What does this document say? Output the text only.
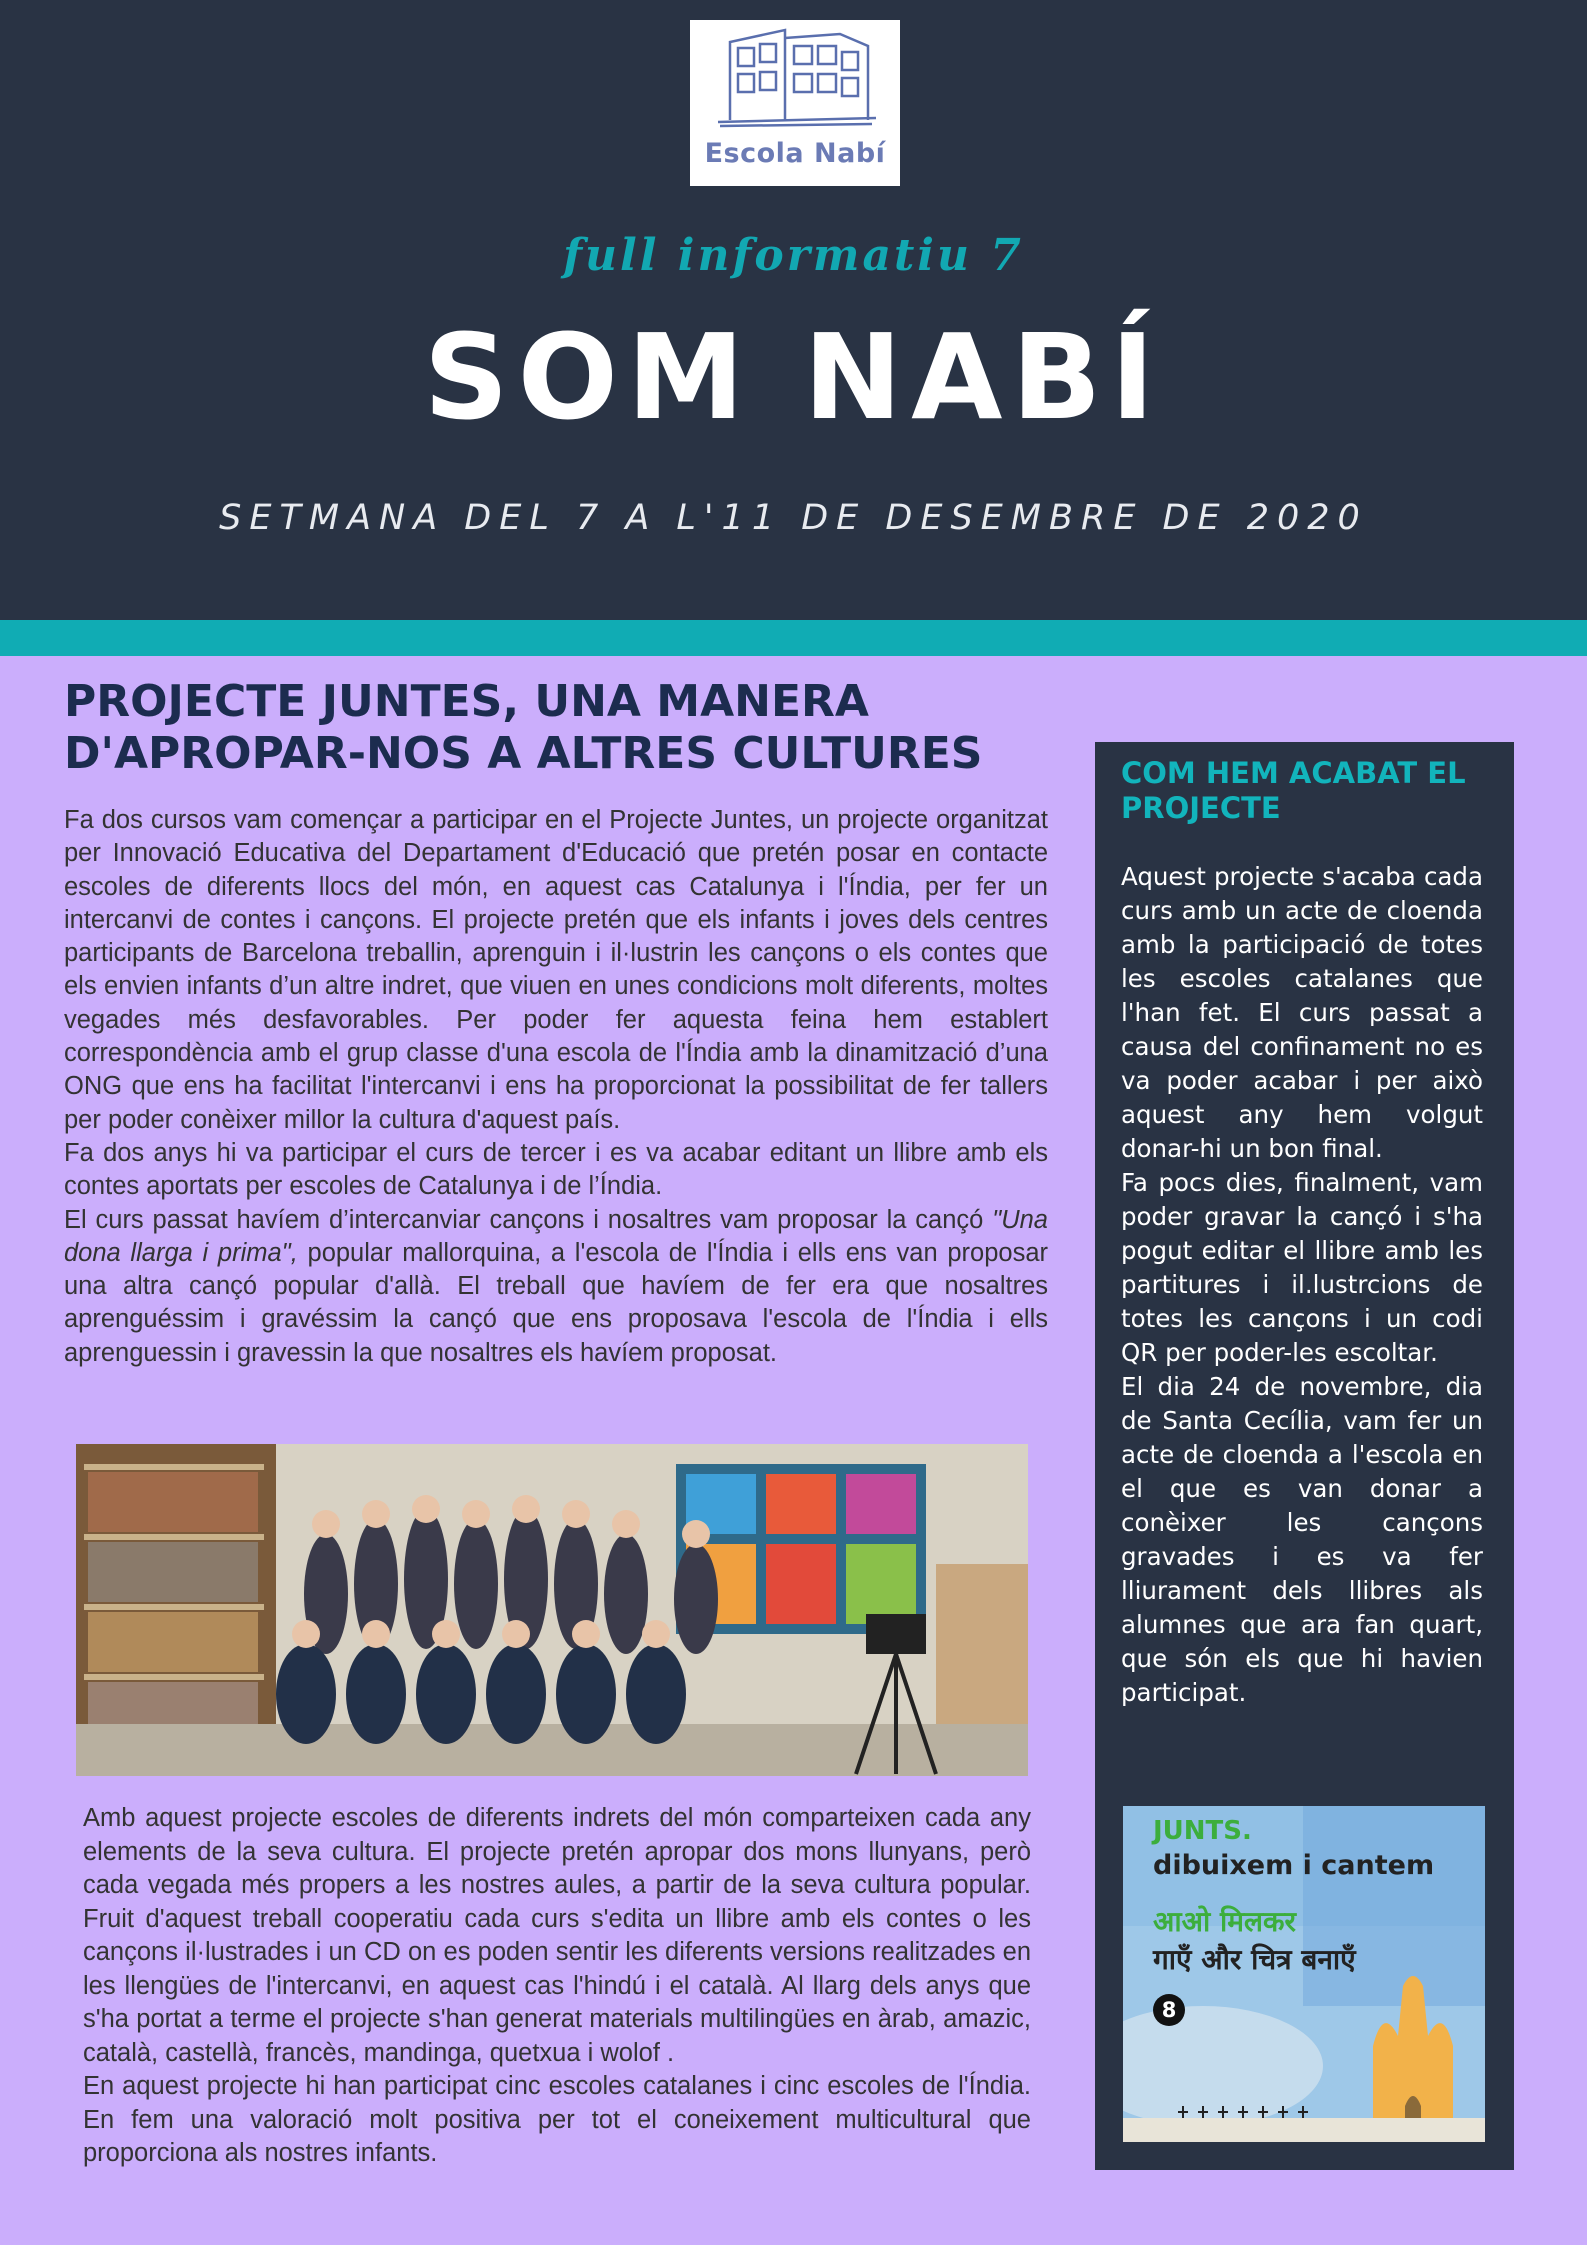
Escola Nabí
full informatiu 7
SOM NABÍ
SETMANA DEL 7 A L'11 DE DESEMBRE DE 2020
PROJECTE JUNTES, UNA MANERA D'APROPAR-NOS A ALTRES CULTURES

Fa dos cursos vam començar a participar en el Projecte Juntes, un projecte organitzat per Innovació Educativa del Departament d'Educació que pretén posar en contacte escoles de diferents llocs del món, en aquest cas Catalunya i l'Índia, per fer un intercanvi de contes i cançons. El projecte pretén que els infants i joves dels centres participants de Barcelona treballin, aprenguin i il·lustrin les cançons o els contes que els envien infants d’un altre indret, que viuen en unes condicions molt diferents, moltes vegades més desfavorables. Per poder fer aquesta feina hem establert correspondència amb el grup classe d'una escola de l'Índia amb la dinamització d’una ONG que ens ha facilitat l'intercanvi i ens ha proporcionat la possibilitat de fer tallers per poder conèixer millor la cultura d'aquest país.

Fa dos anys hi va participar el curs de tercer i es va acabar editant un llibre amb els contes aportats per escoles de Catalunya i de l’Índia.

El curs passat havíem d’intercanviar cançons i nosaltres vam proposar la cançó "Una dona llarga i prima", popular mallorquina, a l'escola de l'Índia i ells ens van proposar una altra cançó popular d'allà. El treball que havíem de fer era que nosaltres aprenguéssim i gravéssim la cançó que ens proposava l'escola de l'Índia i ells aprenguessin i gravessin la que nosaltres els havíem proposat.

Amb aquest projecte escoles de diferents indrets del món comparteixen cada any elements de la seva cultura. El projecte pretén apropar dos mons llunyans, però cada vegada més propers a les nostres aules, a partir de la seva cultura popular. Fruit d'aquest treball cooperatiu cada curs s'edita un llibre amb els contes o les cançons il·lustrades i un CD on es poden sentir les diferents versions realitzades en les llengües de l'intercanvi, en aquest cas l'hindú i el català. Al llarg dels anys que s'ha portat a terme el projecte s'han generat materials multilingües en àrab, amazic, català, castellà, francès, mandinga, quetxua i wolof .

En aquest projecte hi han participat cinc escoles catalanes i cinc escoles de l'Índia. En fem una valoració molt positiva per tot el coneixement multicultural que proporciona als nostres infants.

COM HEM ACABAT EL PROJECTE

Aquest projecte s'acaba cada curs amb un acte de cloenda amb la participació de totes les escoles catalanes que l'han fet. El curs passat a causa del confinament no es va poder acabar i per això aquest any hem volgut donar-hi un bon final.

Fa pocs dies, finalment, vam poder gravar la cançó i s'ha pogut editar el llibre amb les partitures i il.lustrcions de totes les cançons i un codi QR per poder-les escoltar.

El dia 24 de novembre, dia de Santa Cecília, vam fer un acte de cloenda a l'escola en el que es van donar a conèixer les cançons gravades i es va fer lliurament dels llibres als alumnes que ara fan quart, que són els que hi havien participat.

JUNTS.
dibuixem i cantem
आओ मिलकर
गाएँ और चित्र बनाएँ
8
